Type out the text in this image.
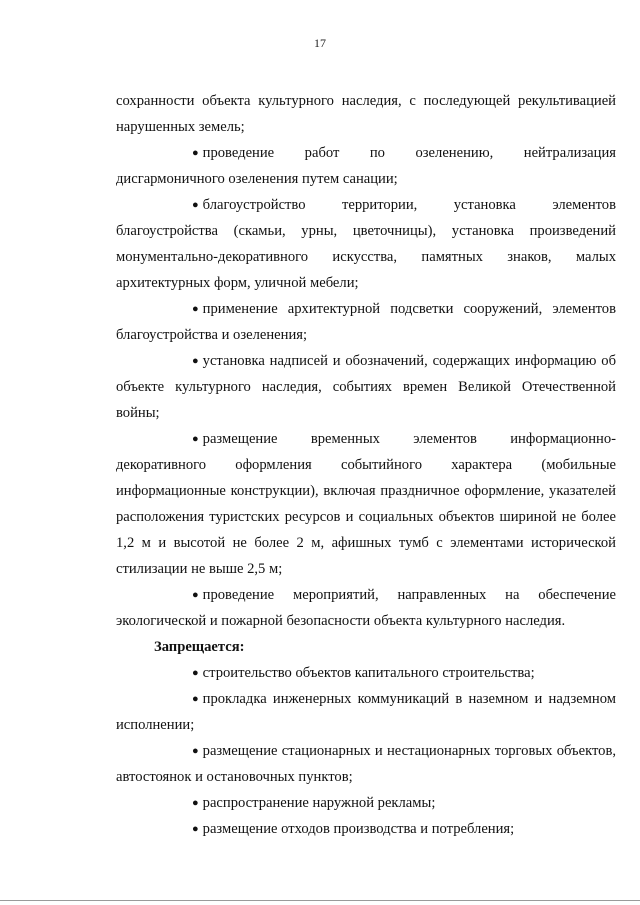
17

сохранности объекта культурного наследия, с последующей рекультивацией нарушенных земель;

● проведение работ по озеленению, нейтрализация дисгармоничного озеленения путем санации;

● благоустройство территории, установка элементов благоустройства (скамьи, урны, цветочницы), установка произведений монументально-декоративного искусства, памятных знаков, малых архитектурных форм, уличной мебели;

● применение архитектурной подсветки сооружений, элементов благоустройства и озеленения;

● установка надписей и обозначений, содержащих информацию об объекте культурного наследия, событиях времен Великой Отечественной войны;

● размещение временных элементов информационно-декоративного оформления событийного характера (мобильные информационные конструкции), включая праздничное оформление, указателей расположения туристских ресурсов и социальных объектов шириной не более 1,2 м и высотой не более 2 м, афишных тумб с элементами исторической стилизации не выше 2,5 м;

● проведение мероприятий, направленных на обеспечение экологической и пожарной безопасности объекта культурного наследия.

Запрещается:

● строительство объектов капитального строительства;

● прокладка инженерных коммуникаций в наземном и надземном исполнении;

● размещение стационарных и нестационарных торговых объектов, автостоянок и остановочных пунктов;

● распространение наружной рекламы;

● размещение отходов производства и потребления;
